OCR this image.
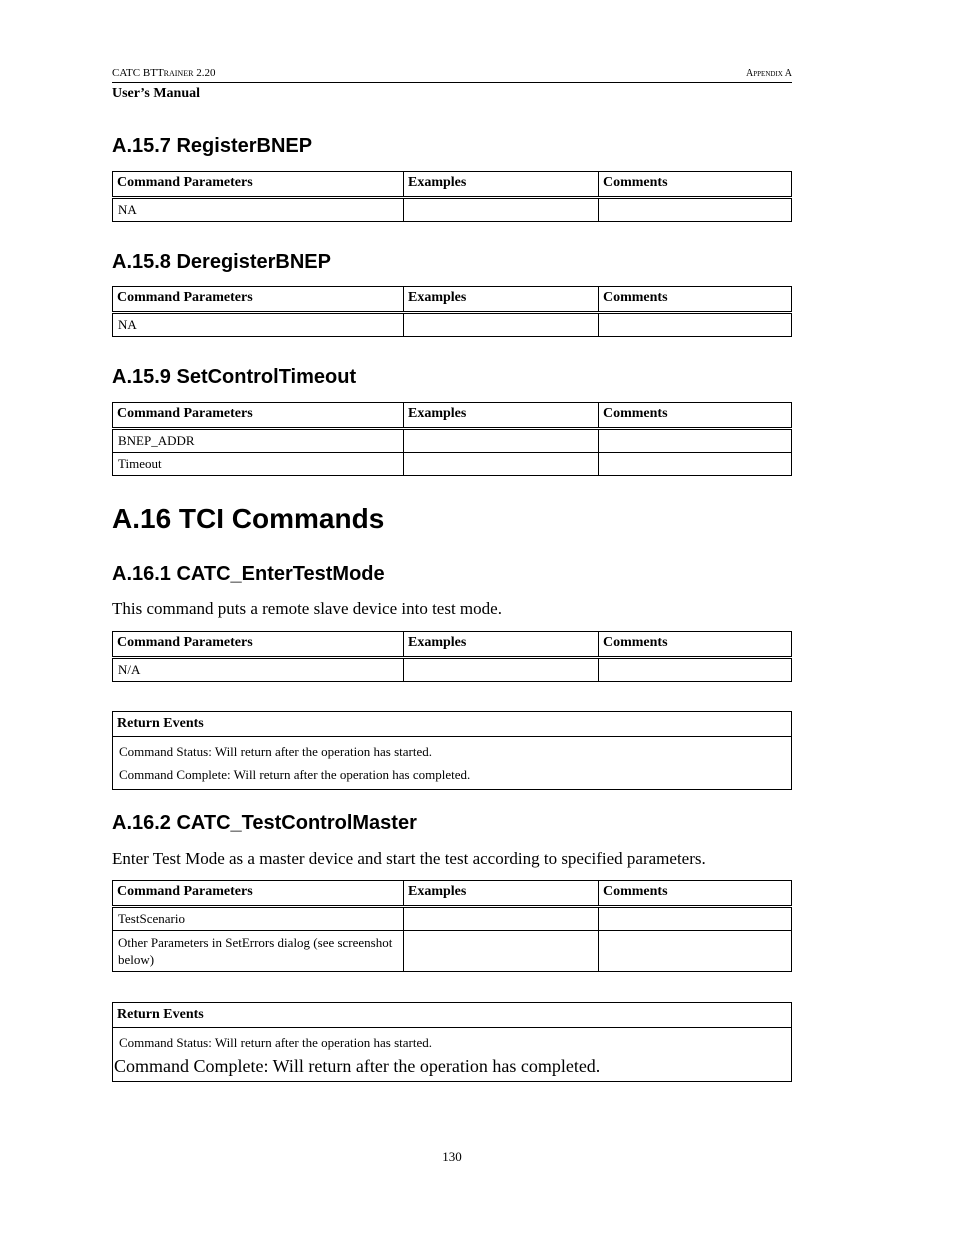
CATC BTTrainer 2.20	Appendix A
User’s Manual
A.15.7 RegisterBNEP
Command Parameters	Examples	Comments
NA		
A.15.8 DeregisterBNEP
Command Parameters	Examples	Comments
NA		
A.15.9 SetControlTimeout
Command Parameters	Examples	Comments
BNEP_ADDR		
Timeout		
A.16 TCI Commands
A.16.1 CATC_EnterTestMode
This command puts a remote slave device into test mode.
Command Parameters	Examples	Comments
N/A		
Return Events

Command Status: Will return after the operation has started.
Command Complete: Will return after the operation has completed.
A.16.2 CATC_TestControlMaster
Enter Test Mode as a master device and start the test according to specified parameters.
Command Parameters	Examples	Comments
TestScenario		
Other Parameters in SetErrors dialog (see screenshot below)		
Return Events

Command Status: Will return after the operation has started.
Command Complete: Will return after the operation has completed.
130
